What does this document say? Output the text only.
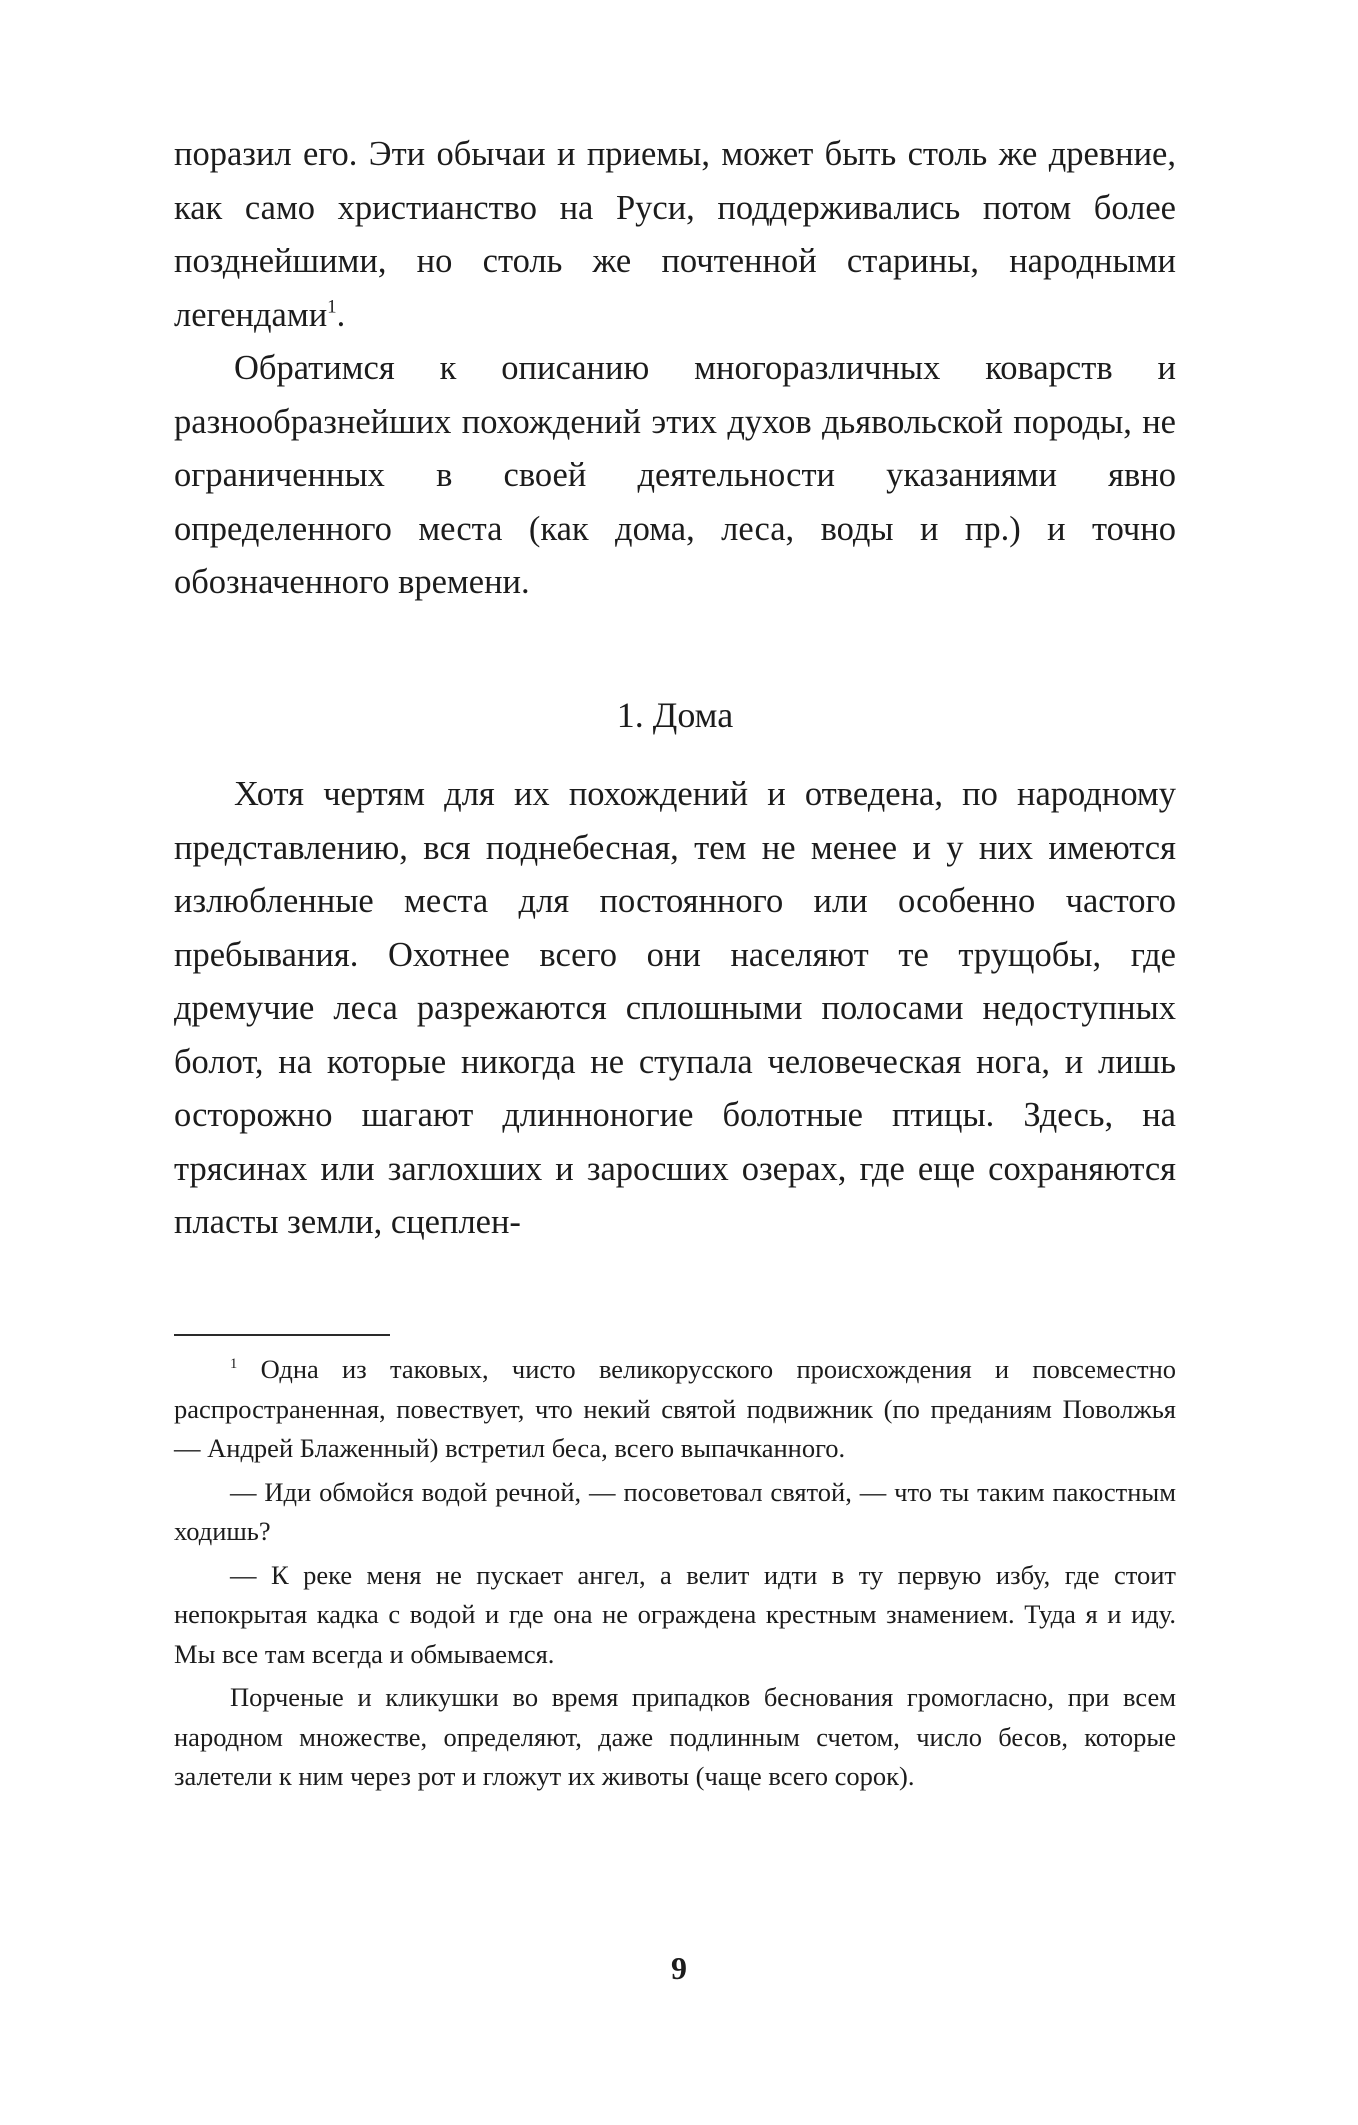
поразил его. Эти обычаи и приемы, может быть столь же древние, как само христианство на Руси, поддерживались потом более позднейшими, но столь же почтенной старины, народными легендами$^1$.

Обратимся к описанию многоразличных коварств и разнообразнейших похождений этих духов дьявольской породы, не ограниченных в своей деятельности указаниями явно определенного места (как дома, леса, воды и пр.) и точно обозначенного времени.

1. Дома

Хотя чертям для их похождений и отведена, по народному представлению, вся поднебесная, тем не менее и у них имеются излюбленные места для постоянного или особенно частого пребывания. Охотнее всего они населяют те трущобы, где дремучие леса разрежаются сплошными полосами недоступных болот, на которые никогда не ступала человеческая нога, и лишь осторожно шагают длинноногие болотные птицы. Здесь, на трясинах или заглохших и заросших озерах, где еще сохраняются пласты земли, сцеплен-

$^1$ Одна из таковых, чисто великорусского происхождения и повсеместно распространенная, повествует, что некий святой подвижник (по преданиям Поволжья — Андрей Блаженный) встретил беса, всего выпачканного.

— Иди обмойся водой речной, — посоветовал святой, — что ты таким пакостным ходишь?

— К реке меня не пускает ангел, а велит идти в ту первую избу, где стоит непокрытая кадка с водой и где она не ограждена крестным знамением. Туда я и иду. Мы все там всегда и обмываемся.

Порченые и кликушки во время припадков беснования громогласно, при всем народном множестве, определяют, даже подлинным счетом, число бесов, которые залетели к ним через рот и гложут их животы (чаще всего сорок).

9
